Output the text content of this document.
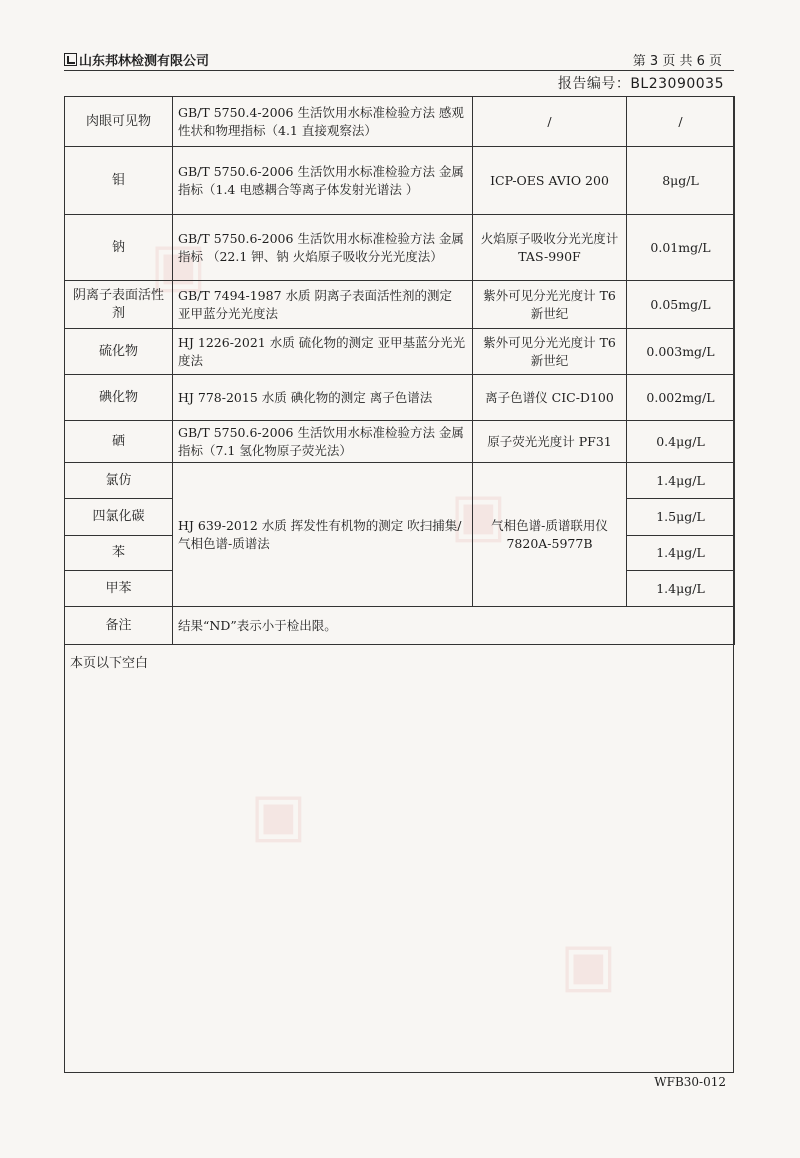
▣
▣
▣
▣
山东邦林检测有限公司	第 3 页 共 6 页
报告编号：BL23090035
肉眼可见物	GB/T 5750.4-2006 生活饮用水标准检验方法 感观性状和物理指标（4.1 直接观察法）	/	/
钼	GB/T 5750.6-2006 生活饮用水标准检验方法 金属指标（1.4 电感耦合等离子体发射光谱法 ）	ICP-OES AVIO 200	8μg/L
钠	GB/T 5750.6-2006 生活饮用水标准检验方法 金属指标 （22.1 钾、钠 火焰原子吸收分光光度法）	火焰原子吸收分光光度计 TAS-990F	0.01mg/L
阴离子表面活性剂	GB/T 7494-1987 水质 阴离子表面活性剂的测定 亚甲蓝分光光度法	紫外可见分光光度计 T6 新世纪	0.05mg/L
硫化物	HJ 1226-2021 水质 硫化物的测定 亚甲基蓝分光光度法	紫外可见分光光度计 T6 新世纪	0.003mg/L
碘化物	HJ 778-2015 水质 碘化物的测定 离子色谱法	离子色谱仪 CIC-D100	0.002mg/L
硒	GB/T 5750.6-2006 生活饮用水标准检验方法 金属指标（7.1 氢化物原子荧光法）	原子荧光光度计 PF31	0.4μg/L
氯仿	HJ 639-2012 水质 挥发性有机物的测定 吹扫捕集/气相色谱-质谱法	气相色谱-质谱联用仪 7820A-5977B	1.4μg/L
四氯化碳			1.5μg/L
苯			1.4μg/L
甲苯			1.4μg/L
备注	结果“ND”表示小于检出限。		
本页以下空白
WFB30-012
